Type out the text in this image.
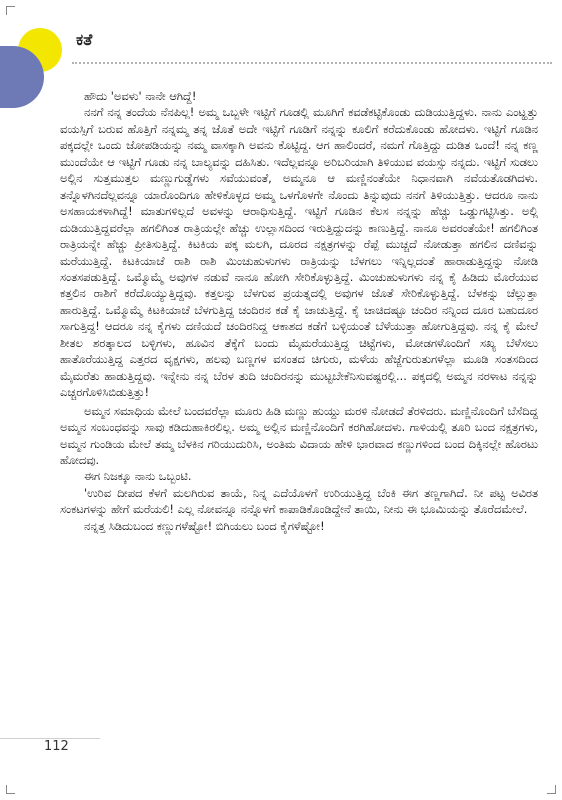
ಕತೆ

ಹೌದು 'ಅವಳು' ನಾನೇ ಆಗಿದ್ದೆ!

ನನಗೆ ನನ್ನ ತಂದೆಯ ನೆನಪಿಲ್ಲ! ಅಮ್ಮ ಒಬ್ಬಳೇ ಇಟ್ಟಿಗೆ ಗೂಡಲ್ಲಿ ಮೂಗಿಗೆ ಕವಡೆಕಟ್ಟಿಕೊಂಡು ದುಡಿಯುತ್ತಿದ್ದಳು. ನಾನು ಎಂಟ್ಹತ್ತು ವಯಸ್ಸಿಗೆ ಬರುವ ಹೊತ್ತಿಗೆ ನನ್ನಮ್ಮ ತನ್ನ ಜೊತೆ ಅದೇ ಇಟ್ಟಿಗೆ ಗೂಡಿಗೆ ನನ್ನನ್ನು ಕೂಲಿಗೆ ಕರೆದುಕೊಂಡು ಹೋದಳು. ಇಟ್ಟಿಗೆ ಗೂಡಿನ ಪಕ್ಕದಲ್ಲೇ ಒಂದು ಜೋಪಡಿಯನ್ನು ನಮ್ಮ ವಾಸಕ್ಕಾಗಿ ಅವನು ಕೊಟ್ಟಿದ್ದ. ಆಗ ಹಾಲಿಂದರೆ, ನಮಗೆ ಗೊತ್ತಿದ್ದು ದುಡಿತ ಒಂದೆ! ನನ್ನ ಕಣ್ಣ ಮುಂದೆಯೇ ಆ ಇಟ್ಟಿಗೆ ಗೂಡು ನನ್ನ ಬಾಲ್ಯವನ್ನು ದಹಿಸಿತು. ಇದೆಲ್ಲವನ್ನೂ ಅರಿಬರಿಯಾಗಿ ತಿಳಿಯುವ ವಯಸ್ಸು ನನ್ನದು. ಇಟ್ಟಿಗೆ ಸುಡಲು ಅಲ್ಲಿನ ಸುತ್ತಮುತ್ತಲ ಮಣ್ಣುಗುಡ್ಡೆಗಳು ಸವೆಯುವಂತೆ, ಅಮ್ಮನೂ ಆ ಮಣ್ಣಿನಂತೆಯೇ ನಿಧಾನವಾಗಿ ನವೆಯತೊಡಗಿದಳು. ತನ್ನೊಳಗಿನದೆಲ್ಲವನ್ನೂ ಯಾರೊಂದಿಗೂ ಹೇಳಿಕೊಳ್ಳದ ಅಮ್ಮ ಒಳಗೊಳಗೇ ನೊಂದು ತಿನ್ನುವುದು ನನಗೆ ತಿಳಿಯುತ್ತಿತ್ತು. ಆದರೂ ನಾನು ಅಸಹಾಯಕಳಾಗಿದ್ದೆ! ಮಾತುಗಳಿಲ್ಲದೆ ಅವಳನ್ನು ಆರಾಧಿಸುತ್ತಿದ್ದೆ. ಇಟ್ಟಿಗೆ ಗೂಡಿನ ಕೆಲಸ ನನ್ನನ್ನು ಹೆಚ್ಚು ಒಡ್ಡುಗಟ್ಟಿಸಿತ್ತು. ಅಲ್ಲಿ ದುಡಿಯುತ್ತಿದ್ದವರೆಲ್ಲಾ ಹಗಲಿಗಿಂತ ರಾತ್ರಿಯಲ್ಲೇ ಹೆಚ್ಚು ಉಲ್ಲಾಸದಿಂದ ಇರುತ್ತಿದ್ದುದನ್ನು ಕಾಣುತ್ತಿದ್ದೆ. ನಾನೂ ಅವರಂತೆಯೇ! ಹಗಲಿಗಿಂತ ರಾತ್ರಿಯನ್ನೇ ಹೆಚ್ಚು ಪ್ರೀತಿಸುತ್ತಿದ್ದೆ. ಕಿಟಕಿಯ ಪಕ್ಕ ಮಲಗಿ, ದೂರದ ನಕ್ಷತ್ರಗಳನ್ನು ರೆಪ್ಪೆ ಮುಚ್ಚದೆ ನೋಡುತ್ತಾ ಹಗಲಿನ ದಣಿವನ್ನು ಮರೆಯುತ್ತಿದ್ದೆ. ಕಿಟಕಿಯಾಚೆ ರಾಶಿ ರಾಶಿ ಮಿಂಚುಹುಳುಗಳು ರಾತ್ರಿಯನ್ನು ಬೆಳಗಲು ಇನ್ನಿಲ್ಲದಂತೆ ಹಾರಾಡುತ್ತಿದ್ದನ್ನು ನೋಡಿ ಸಂತಸಪಡುತ್ತಿದ್ದೆ. ಒಮ್ಮೊಮ್ಮೆ ಅವುಗಳ ನಡುವೆ ನಾನೂ ಹೋಗಿ ಸೇರಿಕೊಳ್ಳುತ್ತಿದ್ದೆ. ಮಿಂಚುಹುಳುಗಳು ನನ್ನ ಕೈ ಹಿಡಿದು ಮೊರೆಯುವ ಕತ್ತಲಿನ ರಾಶಿಗೆ ಕರೆದೊಯ್ಯುತ್ತಿದ್ದವು. ಕತ್ತಲನ್ನು ಬೆಳಗುವ ಪ್ರಯತ್ನದಲ್ಲಿ ಅವುಗಳ ಜೊತೆ ಸೇರಿಕೊಳ್ಳುತ್ತಿದ್ದೆ. ಬೆಳಕನ್ನು ಚೆಲ್ಲುತ್ತಾ ಹಾರುತ್ತಿದ್ದೆ. ಒಮ್ಮೊಮ್ಮೆ ಕಿಟಕಿಯಾಚೆ ಬೆಳಗುತ್ತಿದ್ದ ಚಂದಿರನ ಕಡೆ ಕೈ ಚಾಚುತ್ತಿದ್ದೆ. ಕೈ ಚಾಚಿದಷ್ಟೂ ಚಂದಿರ ನನ್ನಿಂದ ದೂರ ಬಹುದೂರ ಸಾಗುತ್ತಿದ್ದ! ಆದರೂ ನನ್ನ ಕೈಗಳು ದಣಿಯದೆ ಚಂದಿರನಿದ್ದ ಆಕಾಶದ ಕಡೆಗೆ ಬಳ್ಳಿಯಂತೆ ಬೆಳೆಯುತ್ತಾ ಹೋಗುತ್ತಿದ್ದವು. ನನ್ನ ಕೈ ಮೇಲೆ ಶೀತಲ ಶರತ್ಕಾಲದ ಬಳ್ಳಿಗಳು, ಹೂವಿನ ತೆಕ್ಕೆಗೆ ಬಂದು ಮೈಮರೆಯುತ್ತಿದ್ದ ಚಿಟ್ಟೆಗಳು, ಮೋಡಗಳೊಂದಿಗೆ ಸಖ್ಯ ಬೆಳೆಸಲು ಹಾತೊರೆಯುತ್ತಿದ್ದ ಎತ್ತರದ ವೃಕ್ಷಗಳು, ಹಲವು ಬಣ್ಣಗಳ ವಸಂತದ ಚಿಗುರು, ಮಳೆಯ ಹೆಜ್ಜೆಗುರುತುಗಳೆಲ್ಲಾ ಮೂಡಿ ಸಂತಸದಿಂದ ಮೈಮರೆತು ಹಾಡುತ್ತಿದ್ದವು. ಇನ್ನೇನು ನನ್ನ ಬೆರಳ ತುದಿ ಚಂದಿರನನ್ನು ಮುಟ್ಟಬೇಕೆನಿಸುವಷ್ಟರಲ್ಲಿ... ಪಕ್ಕದಲ್ಲಿ ಅಮ್ಮನ ನರಳಾಟ ನನ್ನನ್ನು ಎಚ್ಚರಗೊಳಿಸಿಬಿಡುತ್ತಿತ್ತು!

ಅಮ್ಮನ ಸಮಾಧಿಯ ಮೇಲೆ ಬಂದವರೆಲ್ಲಾ ಮೂರು ಹಿಡಿ ಮಣ್ಣು ಹುಯ್ದು ಮರಳಿ ನೋಡದೆ ತೆರಳಿದರು. ಮಣ್ಣಿನೊಂದಿಗೆ ಬೆಸೆದಿದ್ದ ಅಮ್ಮನ ಸಂಬಂಧವನ್ನು ಸಾವು ಕಡಿದುಹಾಕಿರಲಿಲ್ಲ. ಅಮ್ಮ ಅಲ್ಲಿನ ಮಣ್ಣಿನೊಂದಿಗೆ ಕರಗಿಹೋದಳು. ಗಾಳಿಯಲ್ಲಿ ತೂರಿ ಬಂದ ನಕ್ಷತ್ರಗಳು, ಅಮ್ಮನ ಗುಂಡಿಯ ಮೇಲೆ ತಮ್ಮ ಬೆಳಕಿನ ಗರಿಯುದುರಿಸಿ, ಅಂತಿಮ ವಿದಾಯ ಹೇಳಿ ಭಾರವಾದ ಕಣ್ಣುಗಳಿಂದ ಬಂದ ದಿಕ್ಕಿನಲ್ಲೇ ಹೊರಟು ಹೋದವು.

ಈಗ ನಿಜಕ್ಕೂ ನಾನು ಒಬ್ಬಂಟಿ.

'ಉರಿವ ದೀಪದ ಕೆಳಗೆ ಮಲಗಿರುವ ತಾಯೆ, ನಿನ್ನ ಎದೆಯೊಳಗೆ ಉರಿಯುತ್ತಿದ್ದ ಬೆಂಕಿ ಈಗ ತಣ್ಣಗಾಗಿದೆ. ನೀ ಪಟ್ಟ ಅವಿರತ ಸಂಕಟಗಳನ್ನು ಹೇಗೆ ಮರೆಯಲಿ! ಎಲ್ಲ ನೋವನ್ನೂ ನನ್ನೊಳಗೆ ಕಾಪಾಡಿಕೊಂಡಿದ್ದೇನೆ ತಾಯಿ, ನೀನು ಈ ಭೂಮಿಯನ್ನು ತೊರೆದಮೇಲೆ.

ನನ್ನತ್ತ ಸಿಡಿದುಬಂದ ಕಣ್ಣುಗಳೆಷ್ಟೋ! ಬಿಗಿಯಲು ಬಂದ ಕೈಗಳೆಷ್ಟೋ!

112
